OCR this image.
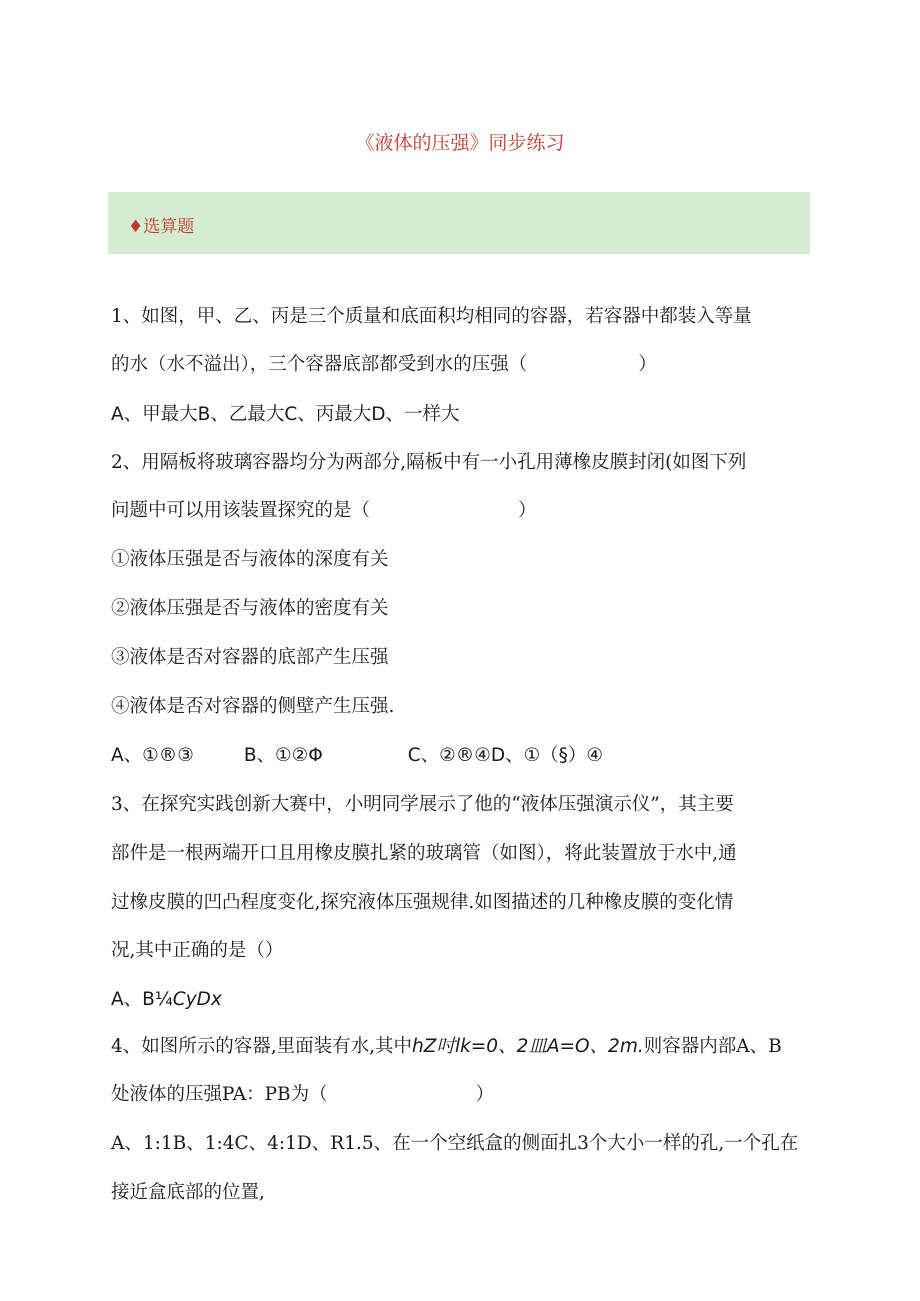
《液体的压强》同步练习
♦选算题
1、如图，甲、乙、丙是三个质量和底面积均相同的容器，若容器中都装入等量
的水（水不溢出），三个容器底部都受到水的压强（　　　　　　）
A、甲最大B、乙最大C、丙最大D、一样大
2、用隔板将玻璃容器均分为两部分,隔板中有一小孔用薄橡皮膜封闭(如图下列
问题中可以用该装置探究的是（　　　　　　　　）
①液体压强是否与液体的深度有关
②液体压强是否与液体的密度有关
③液体是否对容器的底部产生压强
④液体是否对容器的侧壁产生压强.
A、①®③	B、①②Φ	C、②®④D、①（§）④
3、在探究实践创新大赛中，小明同学展示了他的“液体压强演示仪”，其主要
部件是一根两端开口且用橡皮膜扎紧的玻璃管（如图），将此装置放于水中,通
过橡皮膜的凹凸程度变化,探究液体压强规律.如图描述的几种橡皮膜的变化情
况,其中正确的是（）
A、B¼CyDx
4、如图所示的容器,里面装有水,其中hZ吋lk=0、2皿A=O、2m.则容器内部A、B
处液体的压强PA：PB为（　　　　　　　　）
A、1:1B、1:4C、4:1D、R1.5、在一个空纸盒的侧面扎3个大小一样的孔,一个孔在
接近盒底部的位置,
